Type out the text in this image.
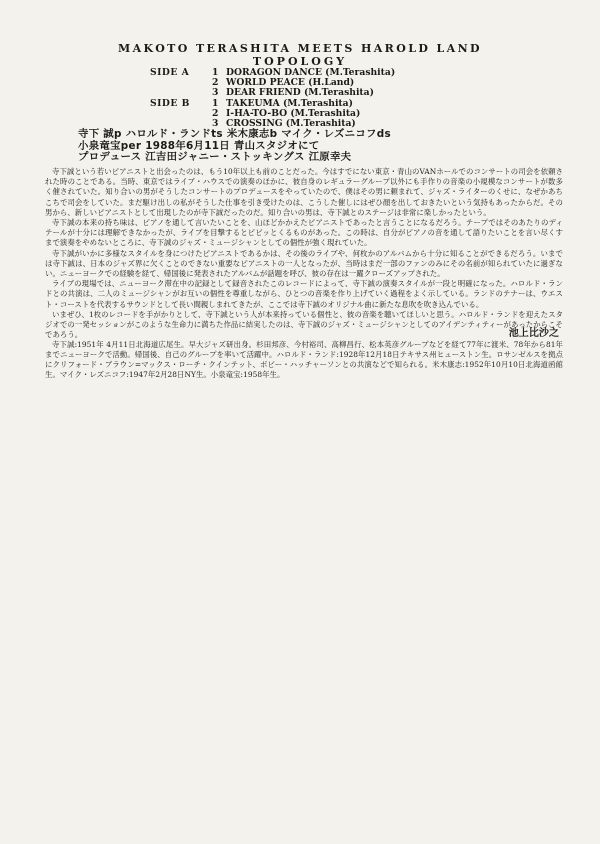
MAKOTO TERASHITA MEETS HAROLD LAND
TOPOLOGY
SIDE A	1 DORAGON DANCE (M.Terashita)
2 WORLD PEACE (H.Land)
3 DEAR FRIEND (M.Terashita)
SIDE B	1 TAKEUMA (M.Terashita)
2 I-HA-TO-BO (M.Terashita)
3 CROSSING (M.Terashita)
寺下 誠p ハロルド・ランドts 米木康志b マイク・レズニコフds
小泉竜宝per 1988年6月11日 青山スタジオにて
プロデュース 江吉田ジャニー・ストッキングス 江原幸夫

寺下誠という若いピアニストと出会ったのは、もう10年以上も前のことだった。今はすでにない東京・青山のVANホールでのコンサートの司会を依頼された時のことである。当時、東京ではライブ・ハウスでの演奏のほかに、彼自身のレギュラーグループ以外にも手作りの音楽の小規模なコンサートが数多く催されていた。知り合いの男がそうしたコンサートのプロデュースをやっていたので、僕はその男に頼まれて、ジャズ・ライターのくせに、なぜかあちこちで司会をしていた。まだ駆け出しの私がそうした仕事を引き受けたのは、こうした催しにはぜひ顔を出しておきたいという気持もあったからだ。その男から、新しいピアニストとして出現したのが寺下誠だったのだ。知り合いの男は、寺下誠とのステージは非常に楽しかったという。

寺下誠の本来の持ち味は、ピアノを通して言いたいことを、山ほどかかえたピアニストであったと言うことになるだろう。テープではそのあたりのディテールが十分には理解できなかったが、ライブを目撃するとピビッとくるものがあった。この時は、自分がピアノの音を通して語りたいことを言い尽くすまで演奏をやめないところに、寺下誠のジャズ・ミュージシャンとしての個性が強く現れていた。

寺下誠がいかに多様なスタイルを身につけたピアニストであるかは、その後のライブや、何枚かのアルバムから十分に知ることができるだろう。いまでは寺下誠は、日本のジャズ界に欠くことのできない重要なピアニストの一人となったが、当時はまだ一部のファンのみにその名前が知られていたに過ぎない。ニューヨークでの経験を経て、帰国後に発表されたアルバムが話題を呼び、彼の存在は一躍クローズアップされた。

ライブの現場では、ニューヨーク滞在中の記録として録音されたこのレコードによって、寺下誠の演奏スタイルが一段と明確になった。ハロルド・ランドとの共演は、二人のミュージシャンがお互いの個性を尊重しながら、ひとつの音楽を作り上げていく過程をよく示している。ランドのテナーは、ウエスト・コーストを代表するサウンドとして長い間親しまれてきたが、ここでは寺下誠のオリジナル曲に新たな息吹を吹き込んでいる。

いまぜひ、1枚のレコードを手がかりとして、寺下誠という人が本来持っている個性と、彼の音楽を聴いてほしいと思う。ハロルド・ランドを迎えたスタジオでの一発セッションがこのような生命力に満ちた作品に結実したのは、寺下誠のジャズ・ミュージシャンとしてのアイデンティティーがあったからこそであろう。	池上比沙之

寺下誠:1951年 4月11日北海道広尾生。早大ジャズ研出身。杉田邦彦、今村裕司、高柳昌行、松本英彦グループなどを経て77年に渡米、78年から81年までニューヨークで活動。帰国後、自己のグループを率いて活躍中。ハロルド・ランド:1928年12月18日テキサス州ヒューストン生。ロサンゼルスを拠点にクリフォード・ブラウン=マックス・ローチ・クインテット、ボビー・ハッチャーソンとの共演などで知られる。米木康志:1952年10月10日北海道函館生。マイク・レズニコフ:1947年2月28日NY生。小泉竜宝:1958年生。
